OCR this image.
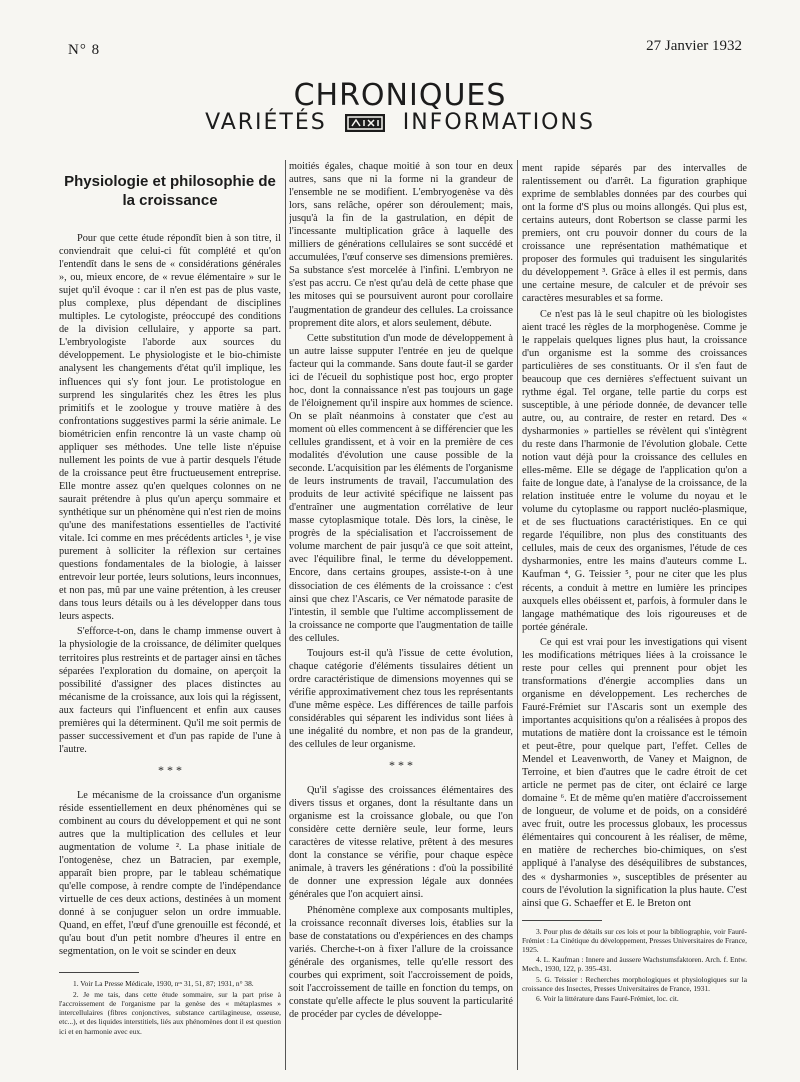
N° 8	27 Janvier 1932
CHRONIQUES
VARIÉTÉS	INFORMATIONS
Physiologie et philosophie de la croissance

Pour que cette étude répondît bien à son titre, il conviendrait que celui-ci fût complété et qu'on l'entendît dans le sens de « considérations générales », ou, mieux encore, de « revue élémentaire » sur le sujet qu'il évoque : car il n'en est pas de plus vaste, plus complexe, plus dépendant de disciplines multiples. Le cytologiste, préoccupé des conditions de la division cellulaire, y apporte sa part. L'embryologiste l'aborde aux sources du développement. Le physiologiste et le bio-chimiste analysent les changements d'état qu'il implique, les influences qui s'y font jour. Le protistologue en surprend les singularités chez les êtres les plus primitifs et le zoologue y trouve matière à des confrontations suggestives parmi la série animale. Le biométricien enfin rencontre là un vaste champ où appliquer ses méthodes. Une telle liste n'épuise nullement les points de vue à partir desquels l'étude de la croissance peut être fructueusement entreprise. Elle montre assez qu'en quelques colonnes on ne saurait prétendre à plus qu'un aperçu sommaire et synthétique sur un phénomène qui n'est rien de moins qu'une des manifestations essentielles de l'activité vitale. Ici comme en mes précédents articles ¹, je vise purement à solliciter la réflexion sur certaines questions fondamentales de la biologie, à laisser entrevoir leur portée, leurs solutions, leurs inconnues, et non pas, mû par une vaine prétention, à les creuser dans tous leurs détails ou à les développer dans tous leurs aspects.

S'efforce-t-on, dans le champ immense ouvert à la physiologie de la croissance, de délimiter quelques territoires plus restreints et de partager ainsi en tâches séparées l'exploration du domaine, on aperçoit la possibilité d'assigner des places distinctes au mécanisme de la croissance, aux lois qui la régissent, aux facteurs qui l'influencent et enfin aux causes premières qui la déterminent. Qu'il me soit permis de passer successivement et d'un pas rapide de l'une à l'autre.

* * *

Le mécanisme de la croissance d'un organisme réside essentiellement en deux phénomènes qui se combinent au cours du développement et qui ne sont autres que la multiplication des cellules et leur augmentation de volume ². La phase initiale de l'ontogenèse, chez un Batracien, par exemple, apparaît bien propre, par le tableau schématique qu'elle compose, à rendre compte de l'indépendance virtuelle de ces deux actions, destinées à un moment donné à se conjuguer selon un ordre immuable. Quand, en effet, l'œuf d'une grenouille est fécondé, et qu'au bout d'un petit nombre d'heures il entre en segmentation, on le voit se scinder en deux

1. Voir La Presse Médicale, 1930, nᵒˢ 31, 51, 87; 1931, n° 38.

2. Je me tais, dans cette étude sommaire, sur la part prise à l'accroissement de l'organisme par la genèse des « métaplasmes » intercellulaires (fibres conjonctives, substance cartilagineuse, osseuse, etc...), et des liquides interstitiels, liés aux phénomènes dont il est question ici et en harmonie avec eux.

moitiés égales, chaque moitié à son tour en deux autres, sans que ni la forme ni la grandeur de l'ensemble ne se modifient. L'embryogenèse va dès lors, sans relâche, opérer son déroulement; mais, jusqu'à la fin de la gastrulation, en dépit de l'incessante multiplication grâce à laquelle des milliers de générations cellulaires se sont succédé et accumulées, l'œuf conserve ses dimensions premières. Sa substance s'est morcelée à l'infini. L'embryon ne s'est pas accru. Ce n'est qu'au delà de cette phase que les mitoses qui se poursuivent auront pour corollaire l'augmentation de grandeur des cellules. La croissance proprement dite alors, et alors seulement, débute.

Cette substitution d'un mode de développement à un autre laisse supputer l'entrée en jeu de quelque facteur qui la commande. Sans doute faut-il se garder ici de l'écueil du sophistique post hoc, ergo propter hoc, dont la connaissance n'est pas toujours un gage de l'éloignement qu'il inspire aux hommes de science. On se plaît néanmoins à constater que c'est au moment où elles commencent à se différencier que les cellules grandissent, et à voir en la première de ces modalités d'évolution une cause possible de la seconde. L'acquisition par les éléments de l'organisme de leurs instruments de travail, l'accumulation des produits de leur activité spécifique ne laissent pas d'entraîner une augmentation corrélative de leur masse cytoplasmique totale. Dès lors, la cinèse, le progrès de la spécialisation et l'accroissement de volume marchent de pair jusqu'à ce que soit atteint, avec l'équilibre final, le terme du développement. Encore, dans certains groupes, assiste-t-on à une dissociation de ces éléments de la croissance : c'est ainsi que chez l'Ascaris, ce Ver nématode parasite de l'intestin, il semble que l'ultime accomplissement de la croissance ne comporte que l'augmentation de taille des cellules.

Toujours est-il qu'à l'issue de cette évolution, chaque catégorie d'éléments tissulaires détient un ordre caractéristique de dimensions moyennes qui se vérifie approximativement chez tous les représentants d'une même espèce. Les différences de taille parfois considérables qui séparent les individus sont liées à une inégalité du nombre, et non pas de la grandeur, des cellules de leur organisme.

* * *

Qu'il s'agisse des croissances élémentaires des divers tissus et organes, dont la résultante dans un organisme est la croissance globale, ou que l'on considère cette dernière seule, leur forme, leurs caractères de vitesse relative, prêtent à des mesures dont la constance se vérifie, pour chaque espèce animale, à travers les générations : d'où la possibilité de donner une expression légale aux données générales que l'on acquiert ainsi.

Phénomène complexe aux composants multiples, la croissance reconnaît diverses lois, établies sur la base de constatations ou d'expériences en des champs variés. Cherche-t-on à fixer l'allure de la croissance générale des organismes, telle qu'elle ressort des courbes qui expriment, soit l'accroissement de poids, soit l'accroissement de taille en fonction du temps, on constate qu'elle affecte le plus souvent la particularité de procéder par cycles de développe-

ment rapide séparés par des intervalles de ralentissement ou d'arrêt. La figuration graphique exprime de semblables données par des courbes qui ont la forme d'S plus ou moins allongés. Qui plus est, certains auteurs, dont Robertson se classe parmi les premiers, ont cru pouvoir donner du cours de la croissance une représentation mathématique et proposer des formules qui traduisent les singularités du développement ³. Grâce à elles il est permis, dans une certaine mesure, de calculer et de prévoir ses caractères mesurables et sa forme.

Ce n'est pas là le seul chapitre où les biologistes aient tracé les règles de la morphogenèse. Comme je le rappelais quelques lignes plus haut, la croissance d'un organisme est la somme des croissances particulières de ses constituants. Or il s'en faut de beaucoup que ces dernières s'effectuent suivant un rythme égal. Tel organe, telle partie du corps est susceptible, à une période donnée, de devancer telle autre, ou, au contraire, de rester en retard. Des « dysharmonies » partielles se révèlent qui s'intègrent du reste dans l'harmonie de l'évolution globale. Cette notion vaut déjà pour la croissance des cellules en elles-même. Elle se dégage de l'application qu'on a faite de longue date, à l'analyse de la croissance, de la relation instituée entre le volume du noyau et le volume du cytoplasme ou rapport nucléo-plasmique, et de ses fluctuations caractéristiques. En ce qui regarde l'équilibre, non plus des constituants des cellules, mais de ceux des organismes, l'étude de ces dysharmonies, entre les mains d'auteurs comme L. Kaufman ⁴, G. Teissier ⁵, pour ne citer que les plus récents, a conduit à mettre en lumière les principes auxquels elles obéissent et, parfois, à formuler dans le langage mathématique des lois rigoureuses et de portée générale.

Ce qui est vrai pour les investigations qui visent les modifications métriques liées à la croissance le reste pour celles qui prennent pour objet les transformations d'énergie accomplies dans un organisme en développement. Les recherches de Fauré-Frémiet sur l'Ascaris sont un exemple des importantes acquisitions qu'on a réalisées à propos des mutations de matière dont la croissance est le témoin et peut-être, pour quelque part, l'effet. Celles de Mendel et Leavenworth, de Vaney et Maignon, de Terroine, et bien d'autres que le cadre étroit de cet article ne permet pas de citer, ont éclairé ce large domaine ⁶. Et de même qu'en matière d'accroissement de longueur, de volume et de poids, on a considéré avec fruit, outre les processus globaux, les processus élémentaires qui concourent à les réaliser, de même, en matière de recherches bio-chimiques, on s'est appliqué à l'analyse des déséquilibres de substances, des « dysharmonies », susceptibles de présenter au cours de l'évolution la signification la plus haute. C'est ainsi que G. Schaeffer et E. le Breton ont

3. Pour plus de détails sur ces lois et pour la bibliographie, voir Fauré-Frémiet : La Cinétique du développement, Presses Universitaires de France, 1925.

4. L. Kaufman : Innere and äussere Wachstumsfaktoren. Arch. f. Entw. Mech., 1930, 122, p. 395-431.

5. G. Teissier : Recherches morphologiques et physiologiques sur la croissance des Insectes, Presses Universitaires de France, 1931.

6. Voir la littérature dans Fauré-Frémiet, loc. cit.
